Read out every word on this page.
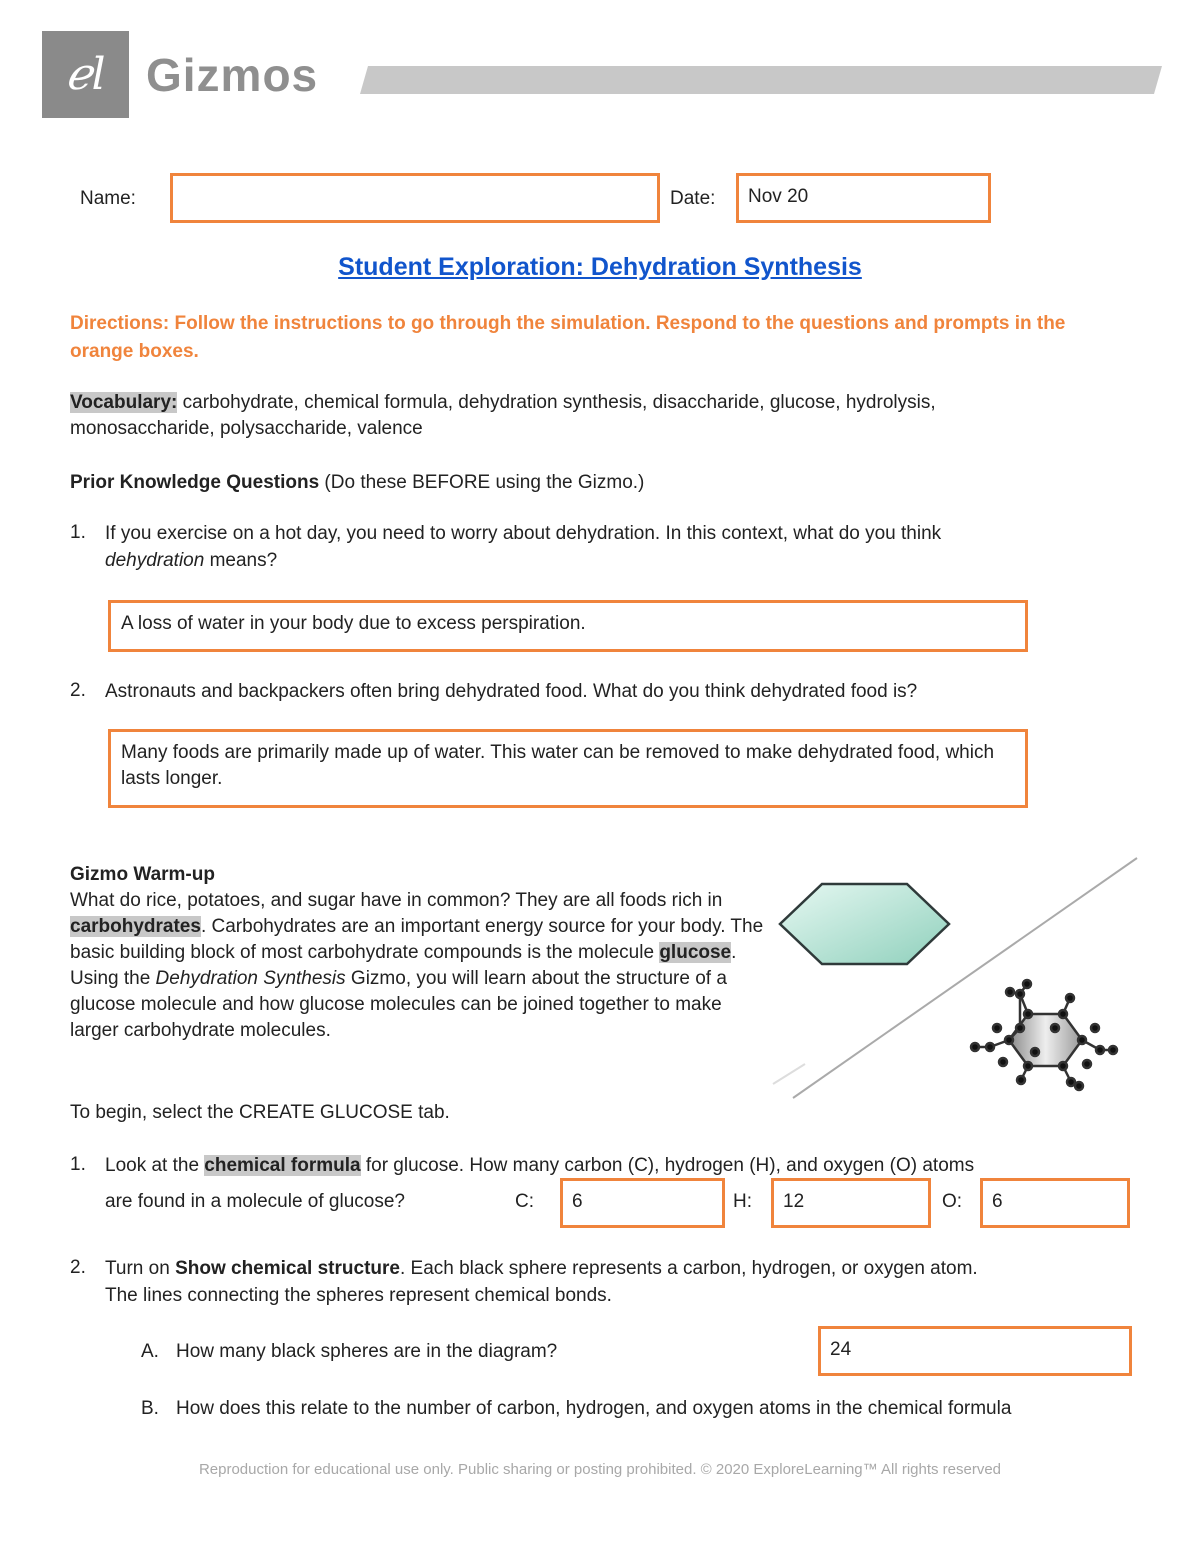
ℯl Gizmos
Name:	Date:	Nov 20
Student Exploration: Dehydration Synthesis
Directions: Follow the instructions to go through the simulation. Respond to the questions and prompts in the orange boxes.
Vocabulary: carbohydrate, chemical formula, dehydration synthesis, disaccharide, glucose, hydrolysis, monosaccharide, polysaccharide, valence
Prior Knowledge Questions (Do these BEFORE using the Gizmo.)
1. If you exercise on a hot day, you need to worry about dehydration. In this context, what do you think
dehydration means?
A loss of water in your body due to excess perspiration.
2. Astronauts and backpackers often bring dehydrated food. What do you think dehydrated food is?
Many foods are primarily made up of water. This water can be removed to make dehydrated food, which lasts longer.
Gizmo Warm-up
What do rice, potatoes, and sugar have in common? They are all foods rich in carbohydrates. Carbohydrates are an important energy source for your body. The basic building block of most carbohydrate compounds is the molecule glucose. Using the Dehydration Synthesis Gizmo, you will learn about the structure of a glucose molecule and how glucose molecules can be joined together to make larger carbohydrate molecules.
To begin, select the CREATE GLUCOSE tab.
1. Look at the chemical formula for glucose. How many carbon (C), hydrogen (H), and oxygen (O) atoms
are found in a molecule of glucose?	C:	6	H:	12	O:	6
2. Turn on Show chemical structure. Each black sphere represents a carbon, hydrogen, or oxygen atom.
The lines connecting the spheres represent chemical bonds.
A. How many black spheres are in the diagram?	24
B. How does this relate to the number of carbon, hydrogen, and oxygen atoms in the chemical formula
Reproduction for educational use only. Public sharing or posting prohibited. © 2020 ExploreLearning™ All rights reserved
